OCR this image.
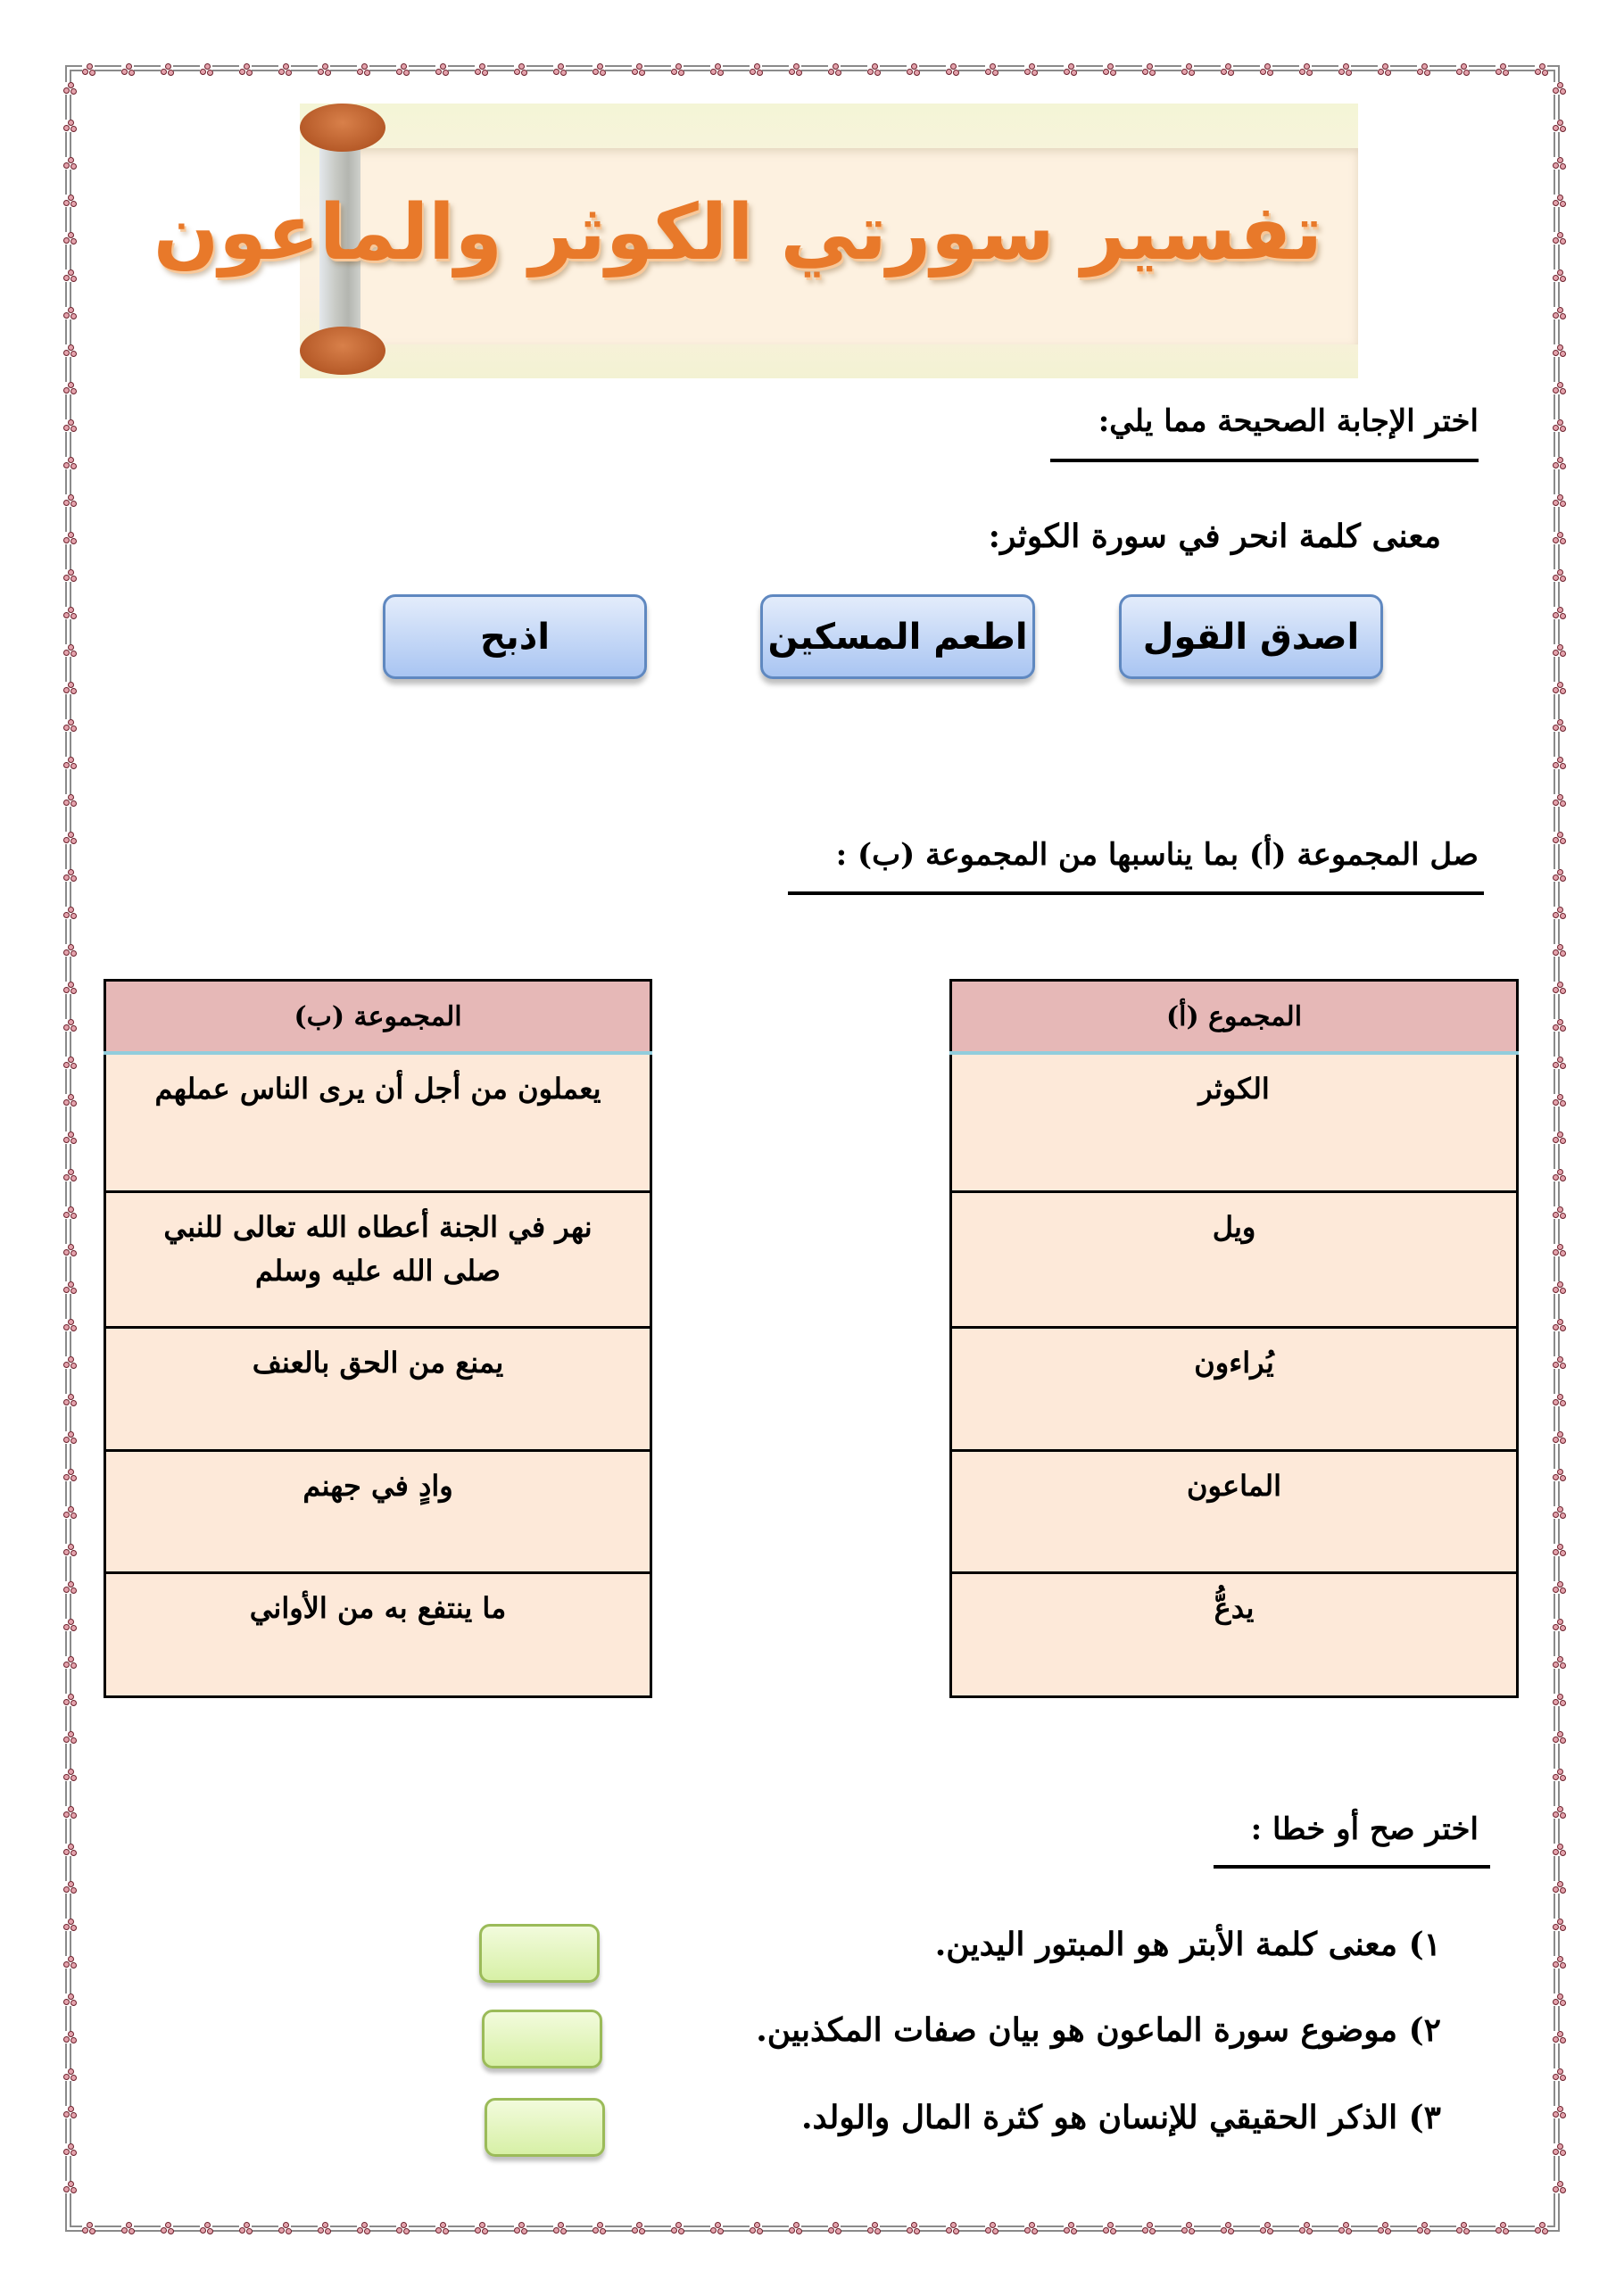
تفسير سورتي الكوثر والماعون
اختر الإجابة الصحيحة مما يلي:
معنى كلمة انحر في سورة الكوثر:
اصدق القول
اطعم المسكين
اذبح
صل المجموعة (أ) بما يناسبها من المجموعة (ب) :
المجموع (أ)
الكوثر
ويل
يُراءون
الماعون
يدعُّ
المجموعة (ب)
يعملون من أجل أن يرى الناس عملهم
نهر في الجنة أعطاه الله تعالى للنبي صلى الله عليه وسلم
يمنع من الحق بالعنف
وادٍ في جهنم
ما ينتفع به من الأواني
اختر صح أو خطا :
١) معنى كلمة الأبتر هو المبتور اليدين.
٢) موضوع سورة الماعون هو بيان صفات المكذبين.
٣) الذكر الحقيقي للإنسان هو كثرة المال والولد.
